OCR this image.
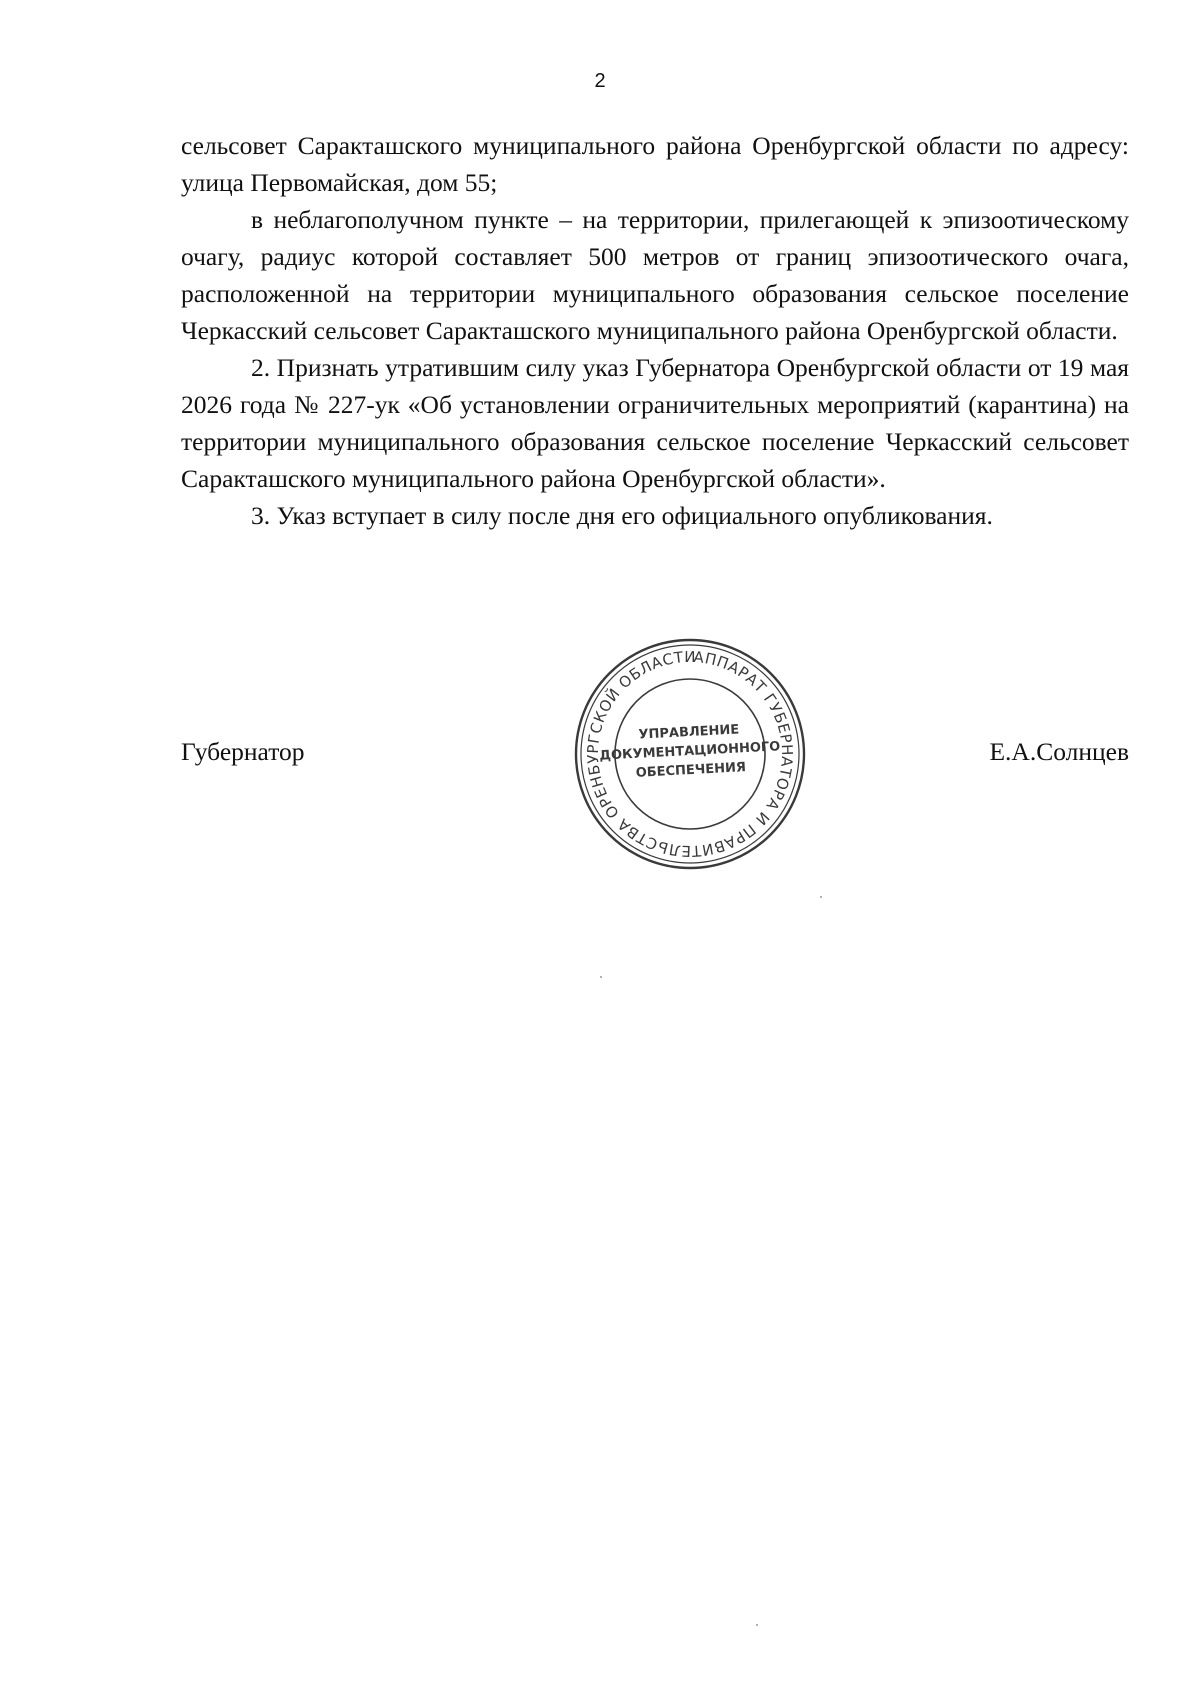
2

сельсовет Саракташского муниципального района Оренбургской области по адресу: улица Первомайская, дом 55;

в неблагополучном пункте – на территории, прилегающей к эпизоотическому очагу, радиус которой составляет 500 метров от границ эпизоотического очага, расположенной на территории муниципального образования сельское поселение Черкасский сельсовет Саракташского муниципального района Оренбургской области.

2. Признать утратившим силу указ Губернатора Оренбургской области от 19 мая 2026 года № 227-ук «Об установлении ограничительных мероприятий (карантина) на территории муниципального образования сельское поселение Черкасский сельсовет Саракташского муниципального района Оренбургской области».

3. Указ вступает в силу после дня его официального опубликования.

Губернатор	Е.А.Солнцев
АППАРАТ ГУБЕРНАТОРА И ПРАВИТЕЛЬСТВА ОРЕНБУРГСКОЙ ОБЛАСТИ
УПРАВЛЕНИЕ
ДОКУМЕНТАЦИОННОГО
ОБЕСПЕЧЕНИЯ
